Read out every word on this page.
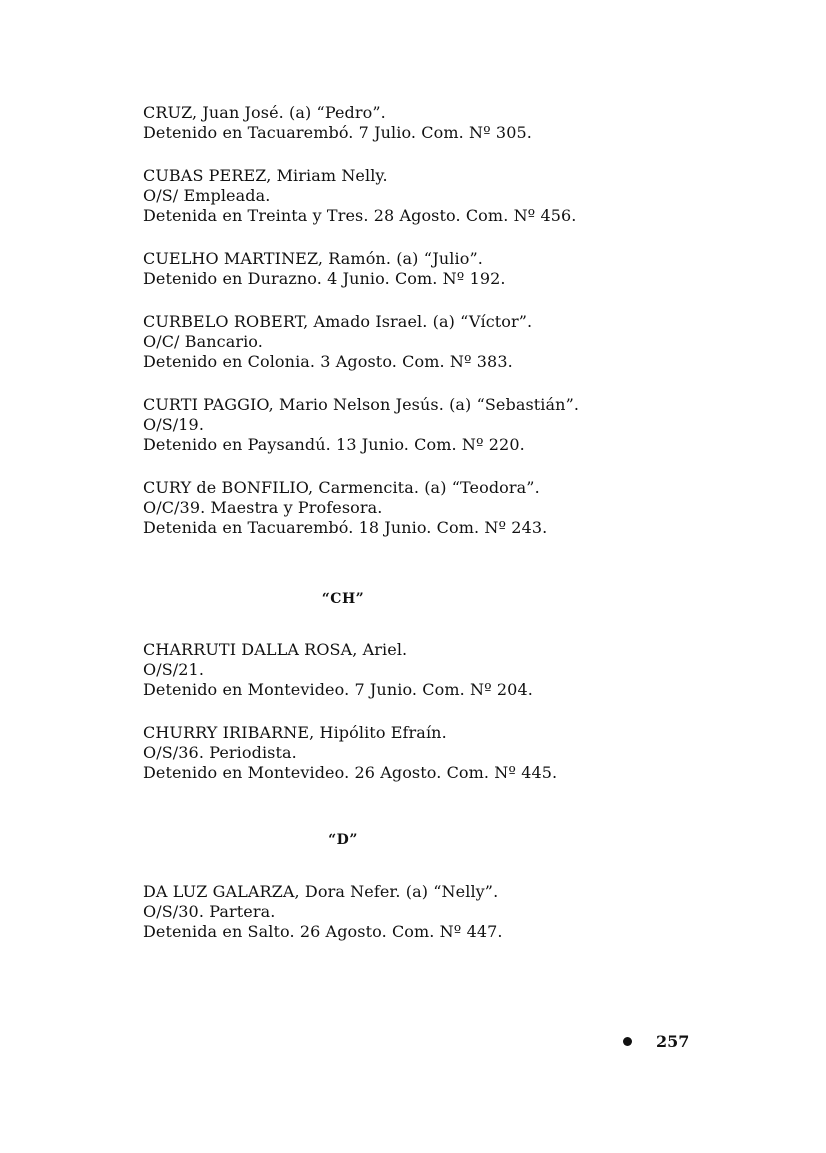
CRUZ, Juan José. (a) “Pedro”.
Detenido en Tacuarembó. 7 Julio. Com. Nº 305.
CUBAS PEREZ, Miriam Nelly.
O/S/ Empleada.
Detenida en Treinta y Tres. 28 Agosto. Com. Nº 456.
CUELHO MARTINEZ, Ramón. (a) “Julio”.
Detenido en Durazno. 4 Junio. Com. Nº 192.
CURBELO ROBERT, Amado Israel. (a) “Víctor”.
O/C/ Bancario.
Detenido en Colonia. 3 Agosto. Com. Nº 383.
CURTI PAGGIO, Mario Nelson Jesús. (a) “Sebastián”.
O/S/19.
Detenido en Paysandú. 13 Junio. Com. Nº 220.
CURY de BONFILIO, Carmencita. (a) “Teodora”.
O/C/39. Maestra y Profesora.
Detenida en Tacuarembó. 18 Junio. Com. Nº 243.
“CH”
CHARRUTI DALLA ROSA, Ariel.
O/S/21.
Detenido en Montevideo. 7 Junio. Com. Nº 204.
CHURRY IRIBARNE, Hipólito Efraín.
O/S/36. Periodista.
Detenido en Montevideo. 26 Agosto. Com. Nº 445.
“D”
DA LUZ GALARZA, Dora Nefer. (a) “Nelly”.
O/S/30. Partera.
Detenida en Salto. 26 Agosto. Com. Nº 447.
257
